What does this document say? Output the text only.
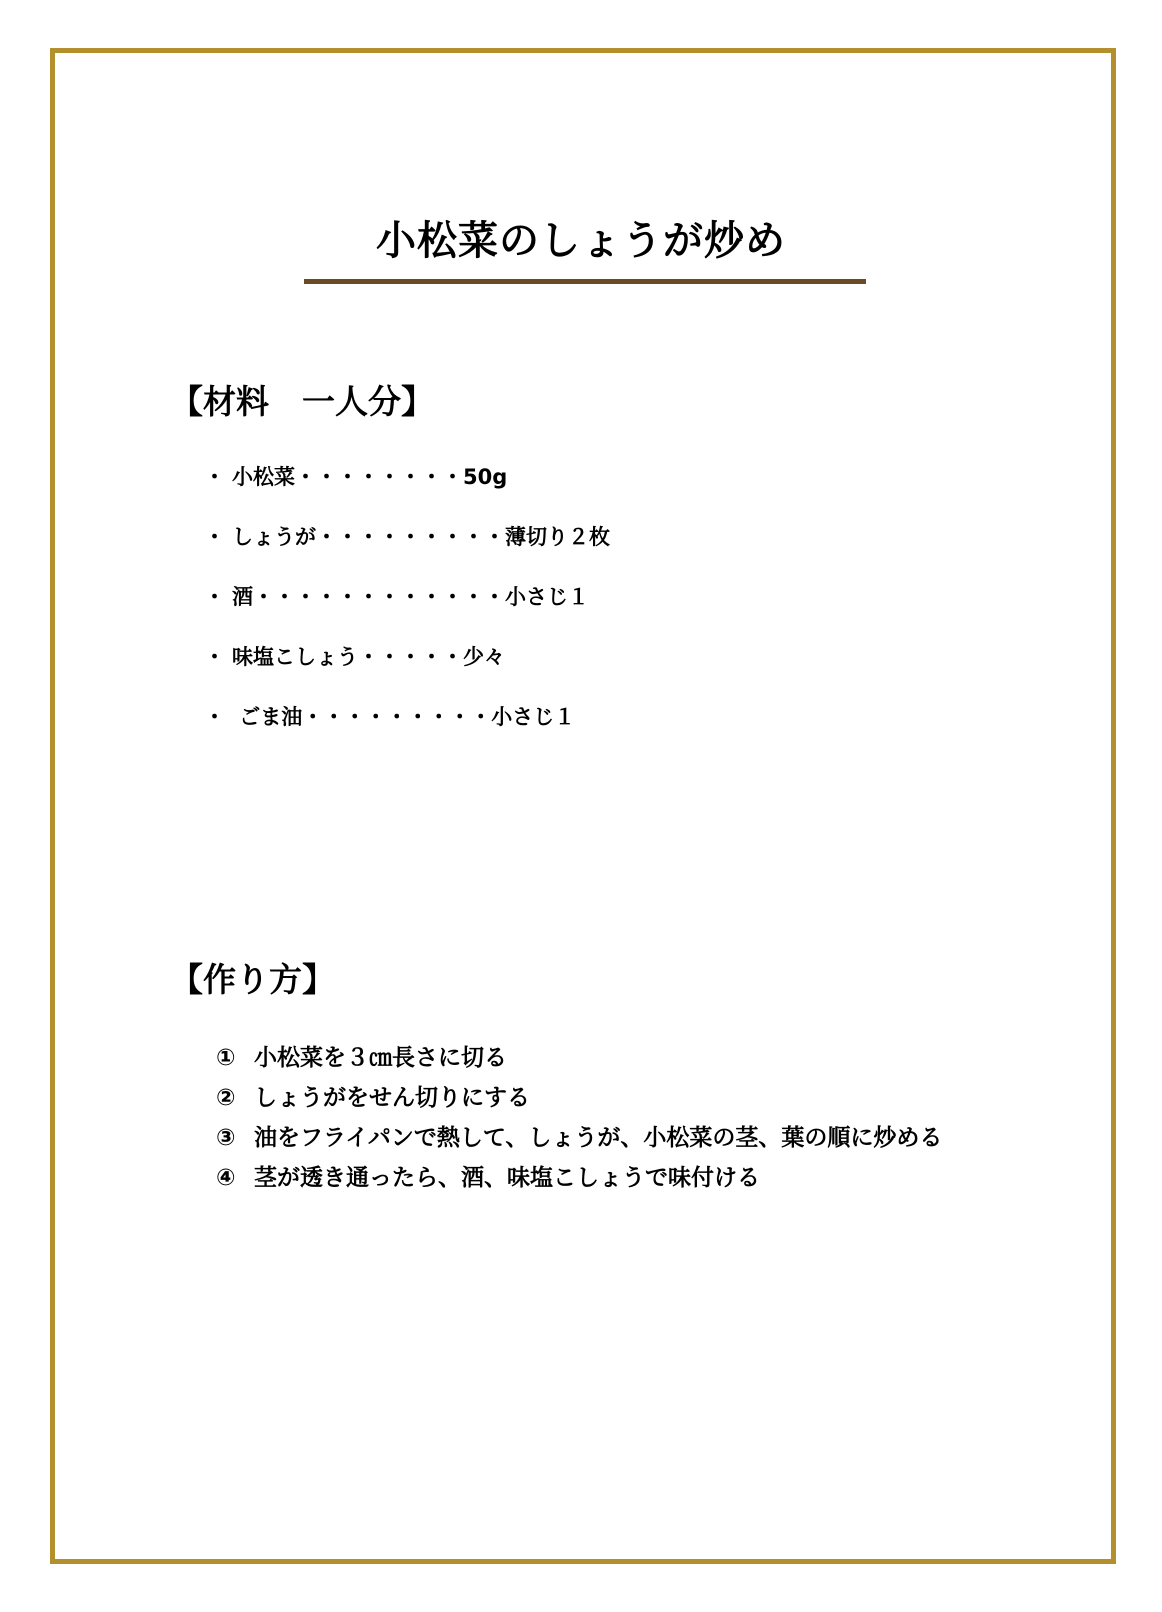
小松菜のしょうが炒め
【材料　一人分】
・ 小松菜・・・・・・・・50g
・ しょうが・・・・・・・・・薄切り２枚
・ 酒・・・・・・・・・・・・小さじ１
・ 味塩こしょう・・・・・少々
・ ごま油・・・・・・・・・小さじ１
【作り方】
① 小松菜を３㎝長さに切る
② しょうがをせん切りにする
③ 油をフライパンで熱して、しょうが、小松菜の茎、葉の順に炒める
④ 茎が透き通ったら、酒、味塩こしょうで味付ける
